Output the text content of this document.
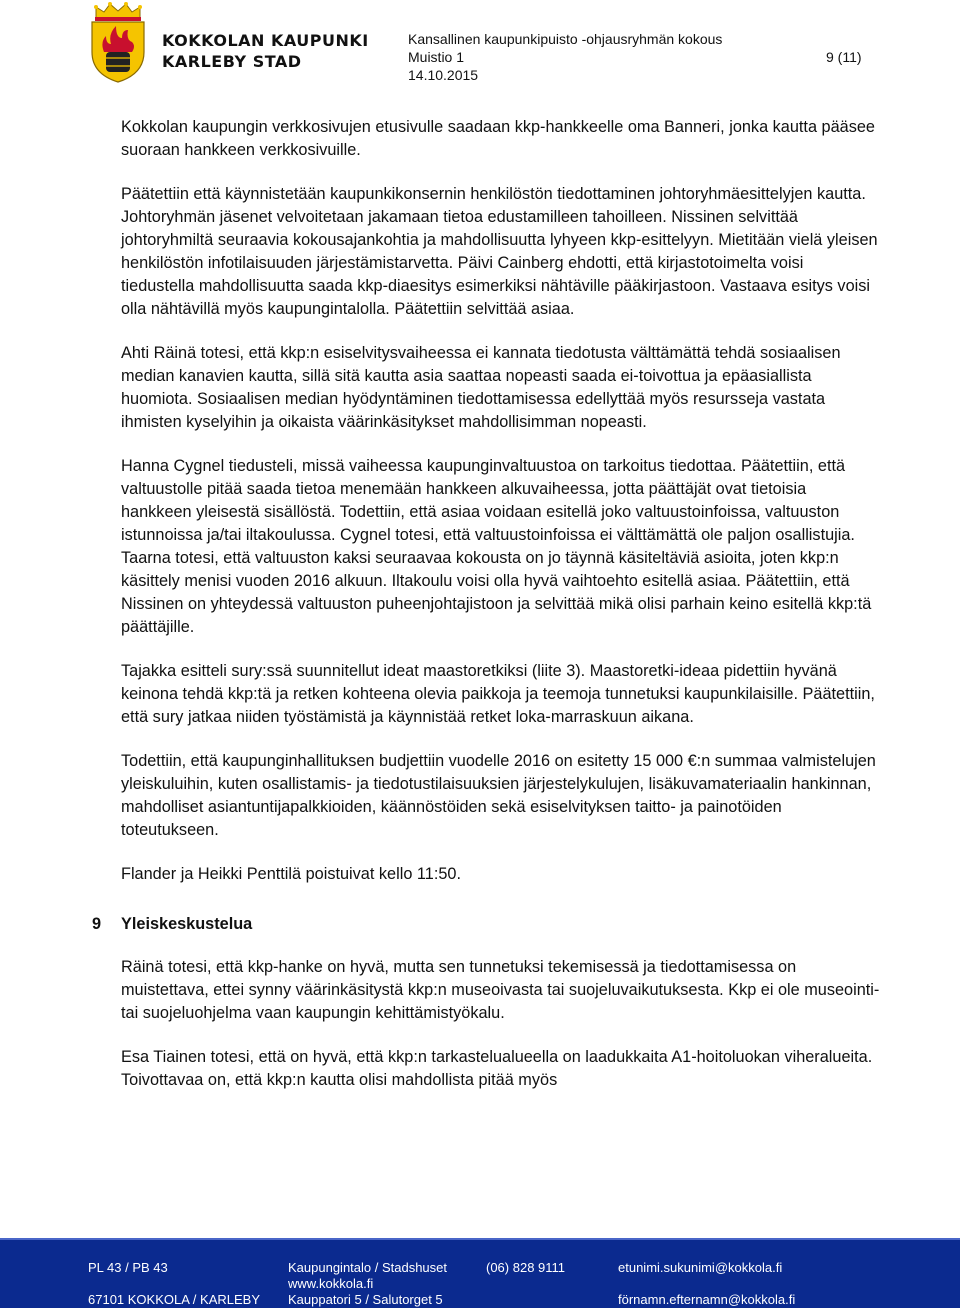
KOKKOLAN KAUPUNKI
KARLEBY STAD
Kansallinen kaupunkipuisto -ohjausryhmän kokous
Muistio 1
14.10.2015
9 (11)

Kokkolan kaupungin verkkosivujen etusivulle saadaan kkp-hankkeelle oma Banneri, jonka kautta pääsee suoraan hankkeen verkkosivuille.

Päätettiin että käynnistetään kaupunkikonsernin henkilöstön tiedottaminen johtoryhmäesittelyjen kautta. Johtoryhmän jäsenet velvoitetaan jakamaan tietoa edustamilleen tahoilleen. Nissinen selvittää johtoryhmiltä seuraavia kokousajankohtia ja mahdollisuutta lyhyeen kkp-esittelyyn. Mietitään vielä yleisen henkilöstön infotilaisuuden järjestämistarvetta. Päivi Cainberg ehdotti, että kirjastotoimelta voisi tiedustella mahdollisuutta saada kkp-diaesitys esimerkiksi nähtäville pääkirjastoon. Vastaava esitys voisi olla nähtävillä myös kaupungintalolla. Päätettiin selvittää asiaa.

Ahti Räinä totesi, että kkp:n esiselvitysvaiheessa ei kannata tiedotusta välttämättä tehdä sosiaalisen median kanavien kautta, sillä sitä kautta asia saattaa nopeasti saada ei-toivottua ja epäasiallista huomiota. Sosiaalisen median hyödyntäminen tiedottamisessa edellyttää myös resursseja vastata ihmisten kyselyihin ja oikaista väärinkäsitykset mahdollisimman nopeasti.

Hanna Cygnel tiedusteli, missä vaiheessa kaupunginvaltuustoa on tarkoitus tiedottaa. Päätettiin, että valtuustolle pitää saada tietoa menemään hankkeen alkuvaiheessa, jotta päättäjät ovat tietoisia hankkeen yleisestä sisällöstä. Todettiin, että asiaa voidaan esitellä joko valtuustoinfoissa, valtuuston istunnoissa ja/tai iltakoulussa. Cygnel totesi, että valtuustoinfoissa ei välttämättä ole paljon osallistujia. Taarna totesi, että valtuuston kaksi seuraavaa kokousta on jo täynnä käsiteltäviä asioita, joten kkp:n käsittely menisi vuoden 2016 alkuun. Iltakoulu voisi olla hyvä vaihtoehto esitellä asiaa. Päätettiin, että Nissinen on yhteydessä valtuuston puheenjohtajistoon ja selvittää mikä olisi parhain keino esitellä kkp:tä päättäjille.

Tajakka esitteli sury:ssä suunnitellut ideat maastoretkiksi (liite 3). Maastoretki-ideaa pidettiin hyvänä keinona tehdä kkp:tä ja retken kohteena olevia paikkoja ja teemoja tunnetuksi kaupunkilaisille. Päätettiin, että sury jatkaa niiden työstämistä ja käynnistää retket loka-marraskuun aikana.

Todettiin, että kaupunginhallituksen budjettiin vuodelle 2016 on esitetty 15 000 €:n summaa valmistelujen yleiskuluihin, kuten osallistamis- ja tiedotustilaisuuksien järjestelykulujen, lisäkuvamateriaalin hankinnan, mahdolliset asiantuntijapalkkioiden, käännöstöiden sekä esiselvityksen taitto- ja painotöiden toteutukseen.

Flander ja Heikki Penttilä poistuivat kello 11:50.

9 Yleiskeskustelua

Räinä totesi, että kkp-hanke on hyvä, mutta sen tunnetuksi tekemisessä ja tiedottamisessa on muistettava, ettei synny väärinkäsitystä kkp:n museoivasta tai suojeluvaikutuksesta. Kkp ei ole museointi- tai suojeluohjelma vaan kaupungin kehittämistyökalu.

Esa Tiainen totesi, että on hyvä, että kkp:n tarkastelualueella on laadukkaita A1-hoitoluokan viheralueita. Toivottavaa on, että kkp:n kautta olisi mahdollista pitää myös

PL 43 / PB 43
67101 KOKKOLA / KARLEBY
Kaupungintalo / Stadshuset
www.kokkola.fi
Kauppatori 5 / Salutorget 5
(06) 828 9111	etunimi.sukunimi@kokkola.fi
förnamn.efternamn@kokkola.fi
